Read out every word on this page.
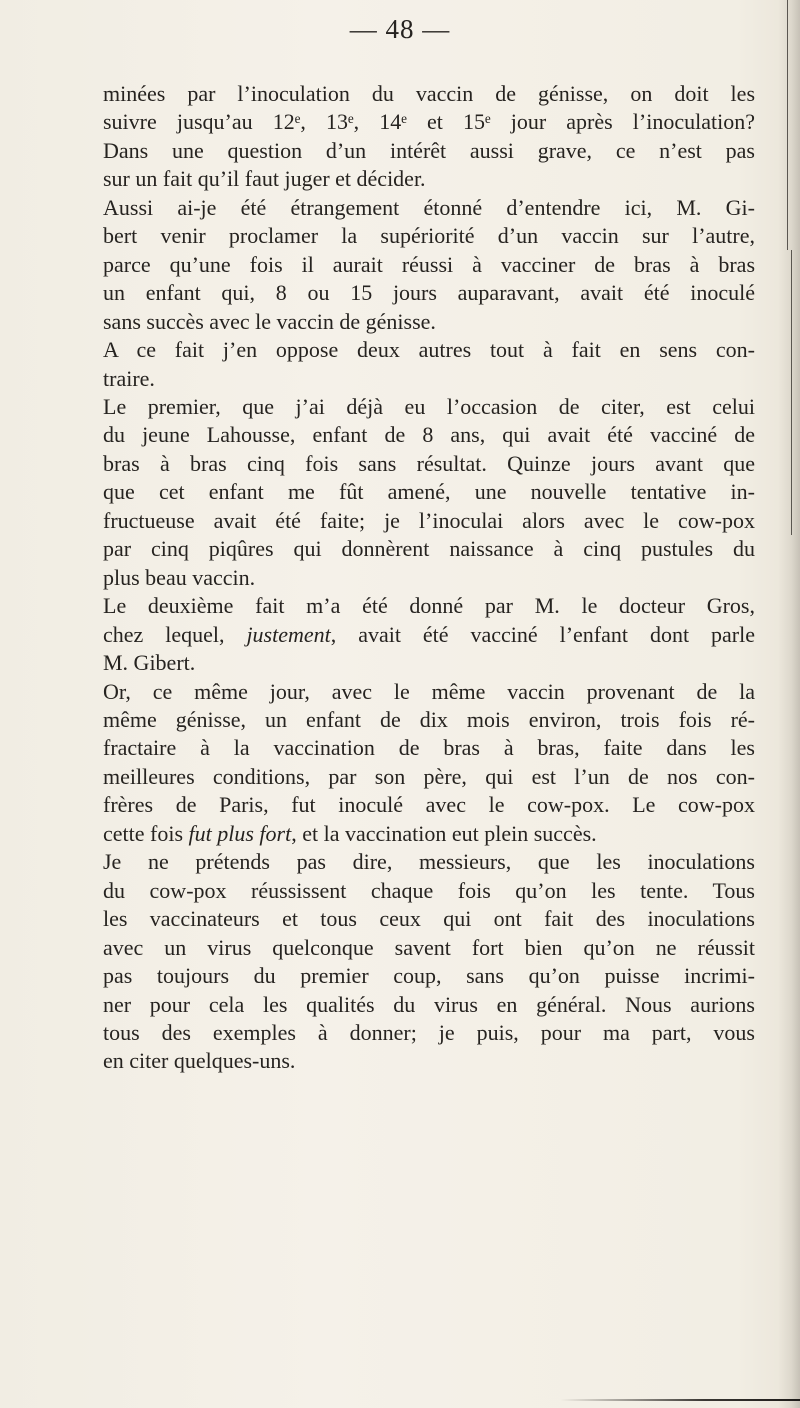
— 48 —

minées par l’inoculation du vaccin de génisse, on doit les

suivre jusqu’au 12ᵉ, 13ᵉ, 14ᵉ et 15ᵉ jour après l’inoculation?

Dans une question d’un intérêt aussi grave, ce n’est pas

sur un fait qu’il faut juger et décider.

Aussi ai-je été étrangement étonné d’entendre ici, M. Gi-

bert venir proclamer la supériorité d’un vaccin sur l’autre,

parce qu’une fois il aurait réussi à vacciner de bras à bras

un enfant qui, 8 ou 15 jours auparavant, avait été inoculé

sans succès avec le vaccin de génisse.

A ce fait j’en oppose deux autres tout à fait en sens con-

traire.

Le premier, que j’ai déjà eu l’occasion de citer, est celui

du jeune Lahousse, enfant de 8 ans, qui avait été vacciné de

bras à bras cinq fois sans résultat. Quinze jours avant que

que cet enfant me fût amené, une nouvelle tentative in-

fructueuse avait été faite; je l’inoculai alors avec le cow-pox

par cinq piqûres qui donnèrent naissance à cinq pustules du

plus beau vaccin.

Le deuxième fait m’a été donné par M. le docteur Gros,

chez lequel, justement, avait été vacciné l’enfant dont parle

M. Gibert.

Or, ce même jour, avec le même vaccin provenant de la

même génisse, un enfant de dix mois environ, trois fois ré-

fractaire à la vaccination de bras à bras, faite dans les

meilleures conditions, par son père, qui est l’un de nos con-

frères de Paris, fut inoculé avec le cow-pox. Le cow-pox

cette fois fut plus fort, et la vaccination eut plein succès.

Je ne prétends pas dire, messieurs, que les inoculations

du cow-pox réussissent chaque fois qu’on les tente. Tous

les vaccinateurs et tous ceux qui ont fait des inoculations

avec un virus quelconque savent fort bien qu’on ne réussit

pas toujours du premier coup, sans qu’on puisse incrimi-

ner pour cela les qualités du virus en général. Nous aurions

tous des exemples à donner; je puis, pour ma part, vous

en citer quelques-uns.
